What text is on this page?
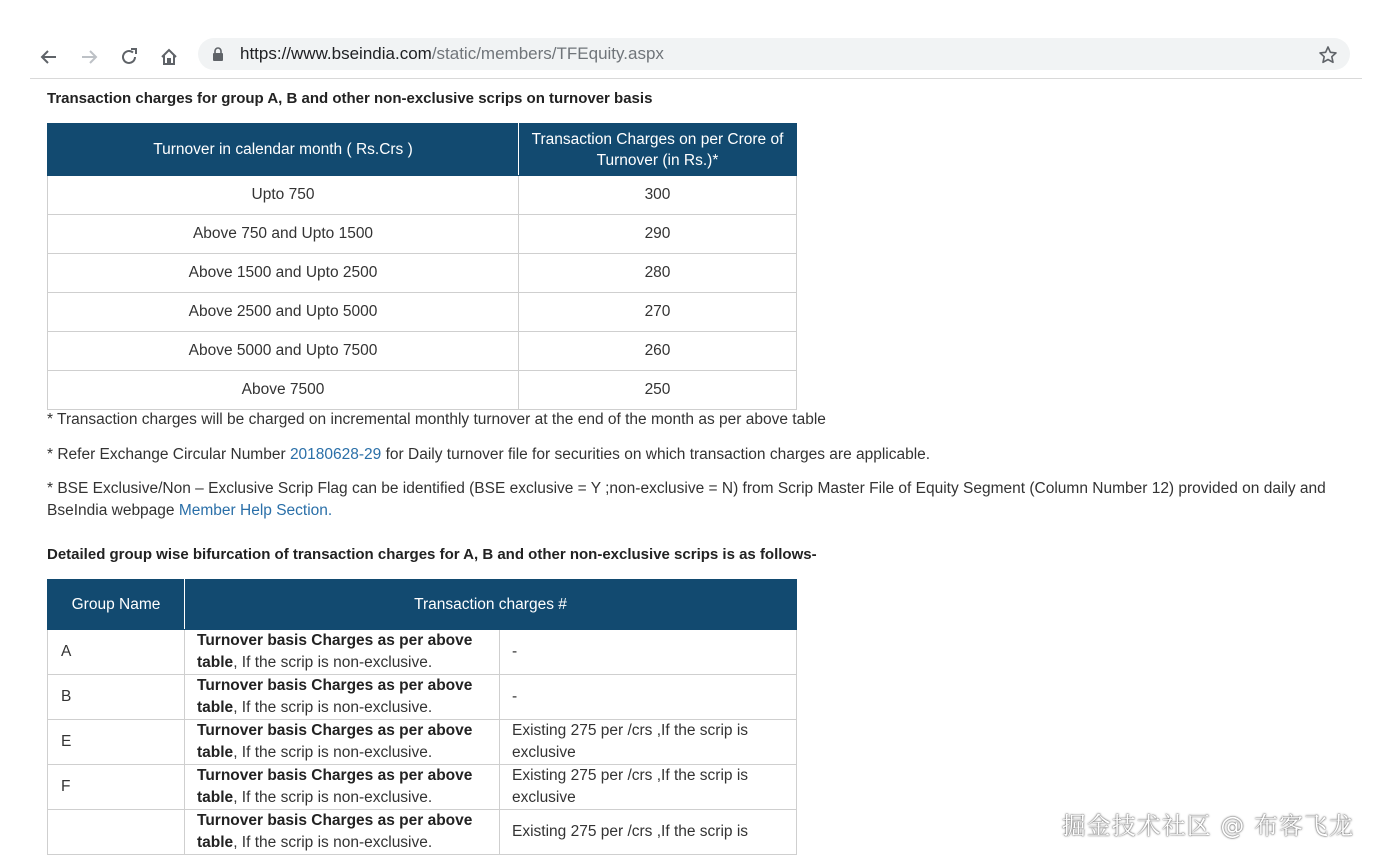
https://www.bseindia.com/static/members/TFEquity.aspx

Transaction charges for group A, B and other non-exclusive scrips on turnover basis

Turnover in calendar month ( Rs.Crs )	Transaction Charges on per Crore of Turnover (in Rs.)*
Upto 750	300
Above 750 and Upto 1500	290
Above 1500 and Upto 2500	280
Above 2500 and Upto 5000	270
Above 5000 and Upto 7500	260
Above 7500	250
* Transaction charges will be charged on incremental monthly turnover at the end of the month as per above table
* Refer Exchange Circular Number 20180628-29 for Daily turnover file for securities on which transaction charges are applicable.
* BSE Exclusive/Non – Exclusive Scrip Flag can be identified (BSE exclusive = Y ;non-exclusive = N) from Scrip Master File of Equity Segment (Column Number 12) provided on daily and BseIndia webpage Member Help Section.

Detailed group wise bifurcation of transaction charges for A, B and other non-exclusive scrips is as follows-

Group Name	Transaction charges #	
A	Turnover basis Charges as per above table, If the scrip is non-exclusive.	-
B	Turnover basis Charges as per above table, If the scrip is non-exclusive.	-
E	Turnover basis Charges as per above table, If the scrip is non-exclusive.	Existing 275 per /crs ,If the scrip is exclusive
F	Turnover basis Charges as per above table, If the scrip is non-exclusive.	Existing 275 per /crs ,If the scrip is exclusive
	Turnover basis Charges as per above table, If the scrip is non-exclusive.	Existing 275 per /crs ,If the scrip is	掘金技术社区 @ 布客飞龙
